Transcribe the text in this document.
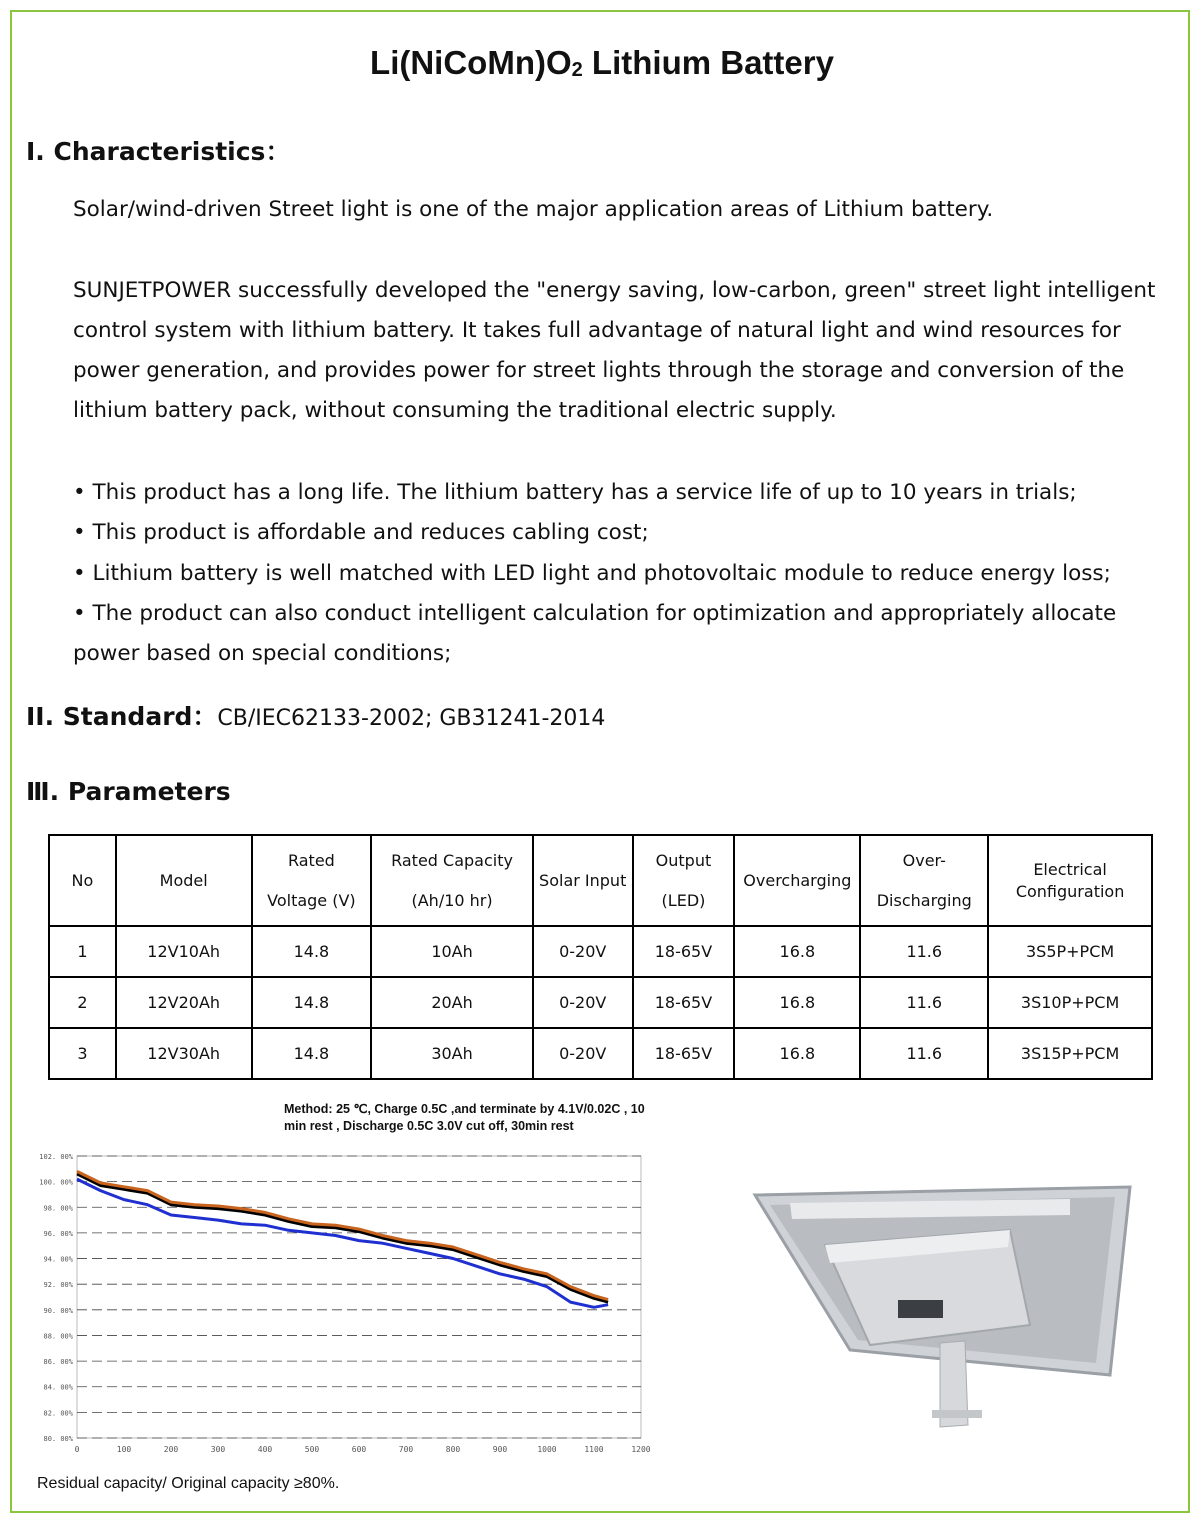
$Li(NiCoMn)O_2$ Lithium Battery
I. Characteristics：
Solar/wind-driven Street light is one of the major application areas of Lithium battery.
SUNJETPOWER successfully developed the "energy saving, low-carbon, green" street light intelligent control system with lithium battery. It takes full advantage of natural light and wind resources for power generation, and provides power for street lights through the storage and conversion of the lithium battery pack, without consuming the traditional electric supply.
• This product has a long life. The lithium battery has a service life of up to 10 years in trials;
• This product is affordable and reduces cabling cost;
• Lithium battery is well matched with LED light and photovoltaic module to reduce energy loss;
• The product can also conduct intelligent calculation for optimization and appropriately allocate power based on special conditions;
II. Standard：CB/IEC62133-2002; GB31241-2014
Ⅲ. Parameters
No	Model	Rated Voltage (V)	Rated Capacity (Ah/10 hr)	Solar Input	Output (LED)	Overcharging	Over-Discharging	Electrical Configuration
1	12V10Ah	14.8	10Ah	0-20V	18-65V	16.8	11.6	3S5P+PCM
2	12V20Ah	14.8	20Ah	0-20V	18-65V	16.8	11.6	3S10P+PCM
3	12V30Ah	14.8	30Ah	0-20V	18-65V	16.8	11.6	3S15P+PCM
Method: 25 ℃, Charge 0.5C ,and terminate by 4.1V/0.02C , 10
min rest , Discharge 0.5C 3.0V cut off, 30min rest
80. 00%
82. 00%
84. 00%
86. 00%
88. 00%
90. 00%
92. 00%
94. 00%
96. 00%
98. 00%
100. 00%
102. 00%
0	100	200	300	400	500	600	700	800	900	1000	1100	1200
Residual capacity/ Original capacity ≥80%.
